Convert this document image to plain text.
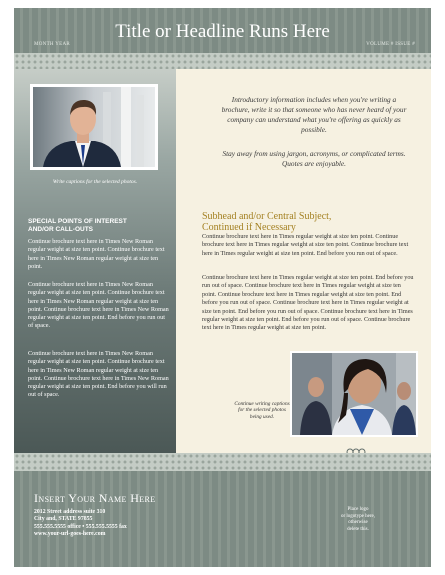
Title or Headline Runs Here
MONTH YEAR	VOLUME # ISSUE #
Write captions for the selected photos.
SPECIAL POINTS OF INTEREST
AND/OR CALL-OUTS
Continue brochure text here in Times New Roman regular weight at size ten point. Continue brochure text here in Times New Roman regular weight at size ten point.
Continue brochure text here in Times New Roman regular weight at size ten point. Continue brochure text here in Times New Roman regular weight at size ten point. Continue brochure text here in Times New Roman regular weight at size ten point. End before you run out of space.
Continue brochure text here in Times New Roman regular weight at size ten point. Continue brochure text here in Times New Roman regular weight at size ten point. Continue brochure text here in Times New Roman regular weight at size ten point. End before you will run out of space.
Introductory information includes when you're writing a brochure, write it so that someone who has never heard of your company can understand what you're offering as quickly as possible.
Stay away from using jargon, acronyms, or complicated terms. Quotes are enjoyable.
Subhead and/or Central Subject,
Continued if Necessary
Continue brochure text here in Times regular weight at size ten point. Continue brochure text here in Times regular weight at size ten point. Continue brochure text here in Times regular weight at size ten point. End before you run out of space.
Continue brochure text here in Times regular weight at size ten point. End before you run out of space. Continue brochure text here in Times regular weight at size ten point. Continue brochure text here in Times regular weight at size ten point. End before you run out of space. Continue brochure text here in Times regular weight at size ten point. End before you run out of space. Continue brochure text here in Times regular weight at size ten point. End before you run out of space. Continue brochure text here in Times regular weight at size ten point.
Continue writing captions for the selected photos being used.
Insert Your Name Here
2012 Street address suite 310
City and, STATE 97855
555.555.5555 office • 555.555.5555 fax
www.your-url-goes-here.com
Place logo
or logotype here,
otherwise
delete this.
